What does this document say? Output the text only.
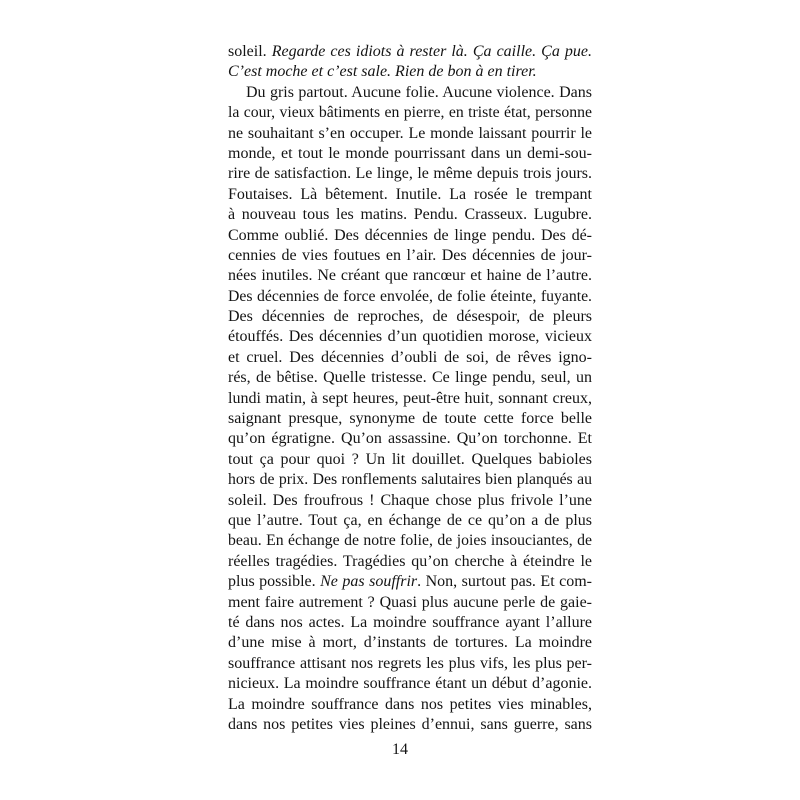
soleil. Regarde ces idiots à rester là. Ça caille. Ça pue.
C’est moche et c’est sale. Rien de bon à en tirer.
Du gris partout. Aucune folie. Aucune violence. Dans
la cour, vieux bâtiments en pierre, en triste état, personne
ne souhaitant s’en occuper. Le monde laissant pourrir le
monde, et tout le monde pourrissant dans un demi-sou-
rire de satisfaction. Le linge, le même depuis trois jours.
Foutaises. Là bêtement. Inutile. La rosée le trempant
à nouveau tous les matins. Pendu. Crasseux. Lugubre.
Comme oublié. Des décennies de linge pendu. Des dé-
cennies de vies foutues en l’air. Des décennies de jour-
nées inutiles. Ne créant que rancœur et haine de l’autre.
Des décennies de force envolée, de folie éteinte, fuyante.
Des décennies de reproches, de désespoir, de pleurs
étouffés. Des décennies d’un quotidien morose, vicieux
et cruel. Des décennies d’oubli de soi, de rêves igno-
rés, de bêtise. Quelle tristesse. Ce linge pendu, seul, un
lundi matin, à sept heures, peut-être huit, sonnant creux,
saignant presque, synonyme de toute cette force belle
qu’on égratigne. Qu’on assassine. Qu’on torchonne. Et
tout ça pour quoi ? Un lit douillet. Quelques babioles
hors de prix. Des ronflements salutaires bien planqués au
soleil. Des froufrous ! Chaque chose plus frivole l’une
que l’autre. Tout ça, en échange de ce qu’on a de plus
beau. En échange de notre folie, de joies insouciantes, de
réelles tragédies. Tragédies qu’on cherche à éteindre le
plus possible. Ne pas souffrir. Non, surtout pas. Et com-
ment faire autrement ? Quasi plus aucune perle de gaie-
té dans nos actes. La moindre souffrance ayant l’allure
d’une mise à mort, d’instants de tortures. La moindre
souffrance attisant nos regrets les plus vifs, les plus per-
nicieux. La moindre souffrance étant un début d’agonie.
La moindre souffrance dans nos petites vies minables,
dans nos petites vies pleines d’ennui, sans guerre, sans
14
